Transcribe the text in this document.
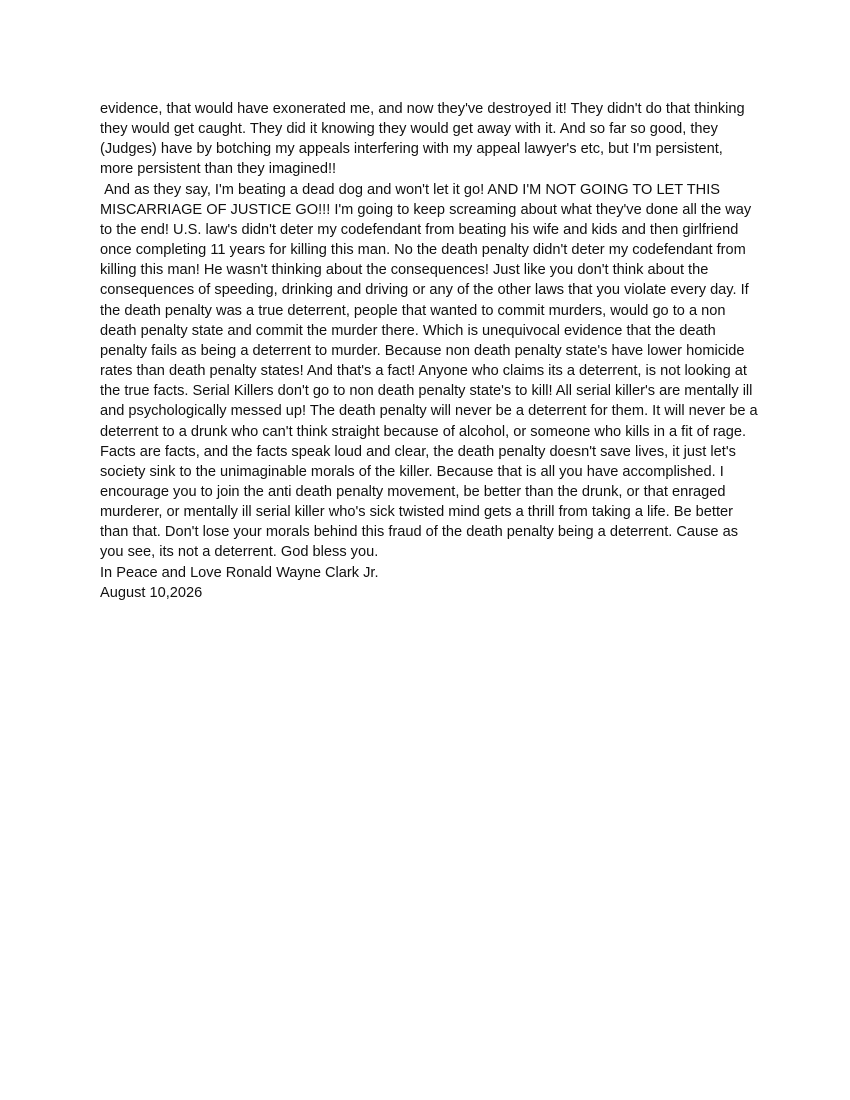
evidence, that would have exonerated me, and now they've destroyed it! They didn't do that thinking they would get caught. They did it knowing they would get away with it. And so far so good, they (Judges) have by botching my appeals interfering with my appeal lawyer's etc, but I'm persistent, more persistent than they imagined!!

And as they say, I'm beating a dead dog and won't let it go! AND I'M NOT GOING TO LET THIS MISCARRIAGE OF JUSTICE GO!!! I'm going to keep screaming about what they've done all the way to the end! U.S. law's didn't deter my codefendant from beating his wife and kids and then girlfriend once completing 11 years for killing this man. No the death penalty didn't deter my codefendant from killing this man! He wasn't thinking about the consequences! Just like you don't think about the consequences of speeding, drinking and driving or any of the other laws that you violate every day. If the death penalty was a true deterrent, people that wanted to commit murders, would go to a non death penalty state and commit the murder there. Which is unequivocal evidence that the death penalty fails as being a deterrent to murder. Because non death penalty state's have lower homicide rates than death penalty states! And that's a fact! Anyone who claims its a deterrent, is not looking at the true facts. Serial Killers don't go to non death penalty state's to kill! All serial killer's are mentally ill and psychologically messed up! The death penalty will never be a deterrent for them. It will never be a deterrent to a drunk who can't think straight because of alcohol, or someone who kills in a fit of rage. Facts are facts, and the facts speak loud and clear, the death penalty doesn't save lives, it just let's society sink to the unimaginable morals of the killer. Because that is all you have accomplished. I encourage you to join the anti death penalty movement, be better than the drunk, or that enraged murderer, or mentally ill serial killer who's sick twisted mind gets a thrill from taking a life. Be better than that. Don't lose your morals behind this fraud of the death penalty being a deterrent. Cause as you see, its not a deterrent. God bless you.

In Peace and Love Ronald Wayne Clark Jr.

August 10,2026
